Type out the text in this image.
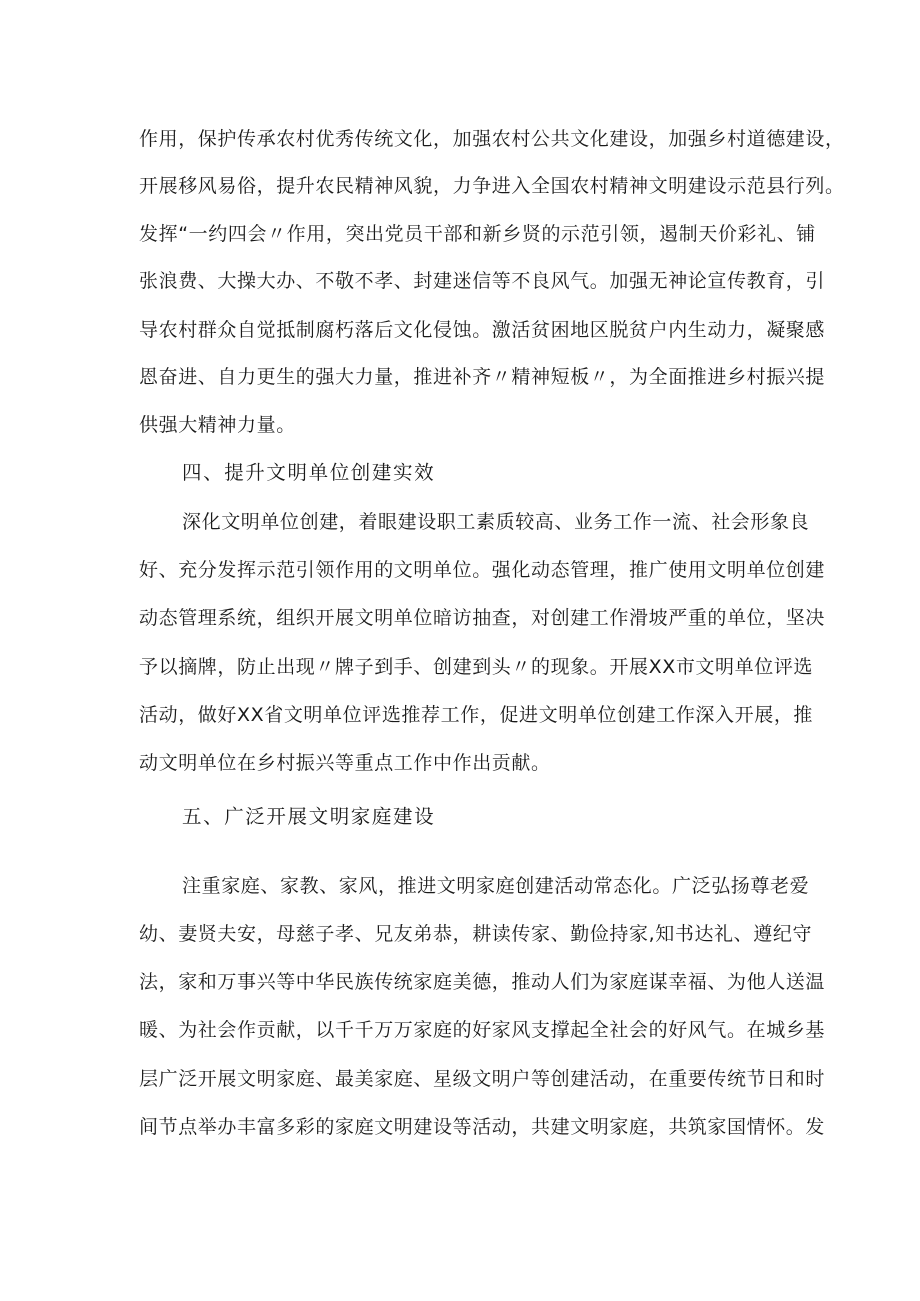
作用，保护传承农村优秀传统文化，加强农村公共文化建设，加强乡村道德建设，
开展移风易俗，提升农民精神风貌，力争进入全国农村精神文明建设示范县行列。
发挥“一约四会〃作用，突出党员干部和新乡贤的示范引领，遏制天价彩礼、铺
张浪费、大操大办、不敬不孝、封建迷信等不良风气。加强无神论宣传教育，引
导农村群众自觉抵制腐朽落后文化侵蚀。激活贫困地区脱贫户内生动力，凝聚感
恩奋进、自力更生的强大力量，推进补齐〃精神短板〃，为全面推进乡村振兴提
供强大精神力量。
四、提升文明单位创建实效
深化文明单位创建，着眼建设职工素质较高、业务工作一流、社会形象良
好、充分发挥示范引领作用的文明单位。强化动态管理，推广使用文明单位创建
动态管理系统，组织开展文明单位暗访抽查，对创建工作滑坡严重的单位，坚决
予以摘牌，防止出现〃牌子到手、创建到头〃的现象。开展XX市文明单位评选
活动，做好XX省文明单位评选推荐工作，促进文明单位创建工作深入开展，推
动文明单位在乡村振兴等重点工作中作出贡献。
五、广泛开展文明家庭建设
注重家庭、家教、家风，推进文明家庭创建活动常态化。广泛弘扬尊老爱
幼、妻贤夫安，母慈子孝、兄友弟恭，耕读传家、勤俭持家,知书达礼、遵纪守
法，家和万事兴等中华民族传统家庭美德，推动人们为家庭谋幸福、为他人送温
暖、为社会作贡献，以千千万万家庭的好家风支撑起全社会的好风气。在城乡基
层广泛开展文明家庭、最美家庭、星级文明户等创建活动，在重要传统节日和时
间节点举办丰富多彩的家庭文明建设等活动，共建文明家庭，共筑家国情怀。发
